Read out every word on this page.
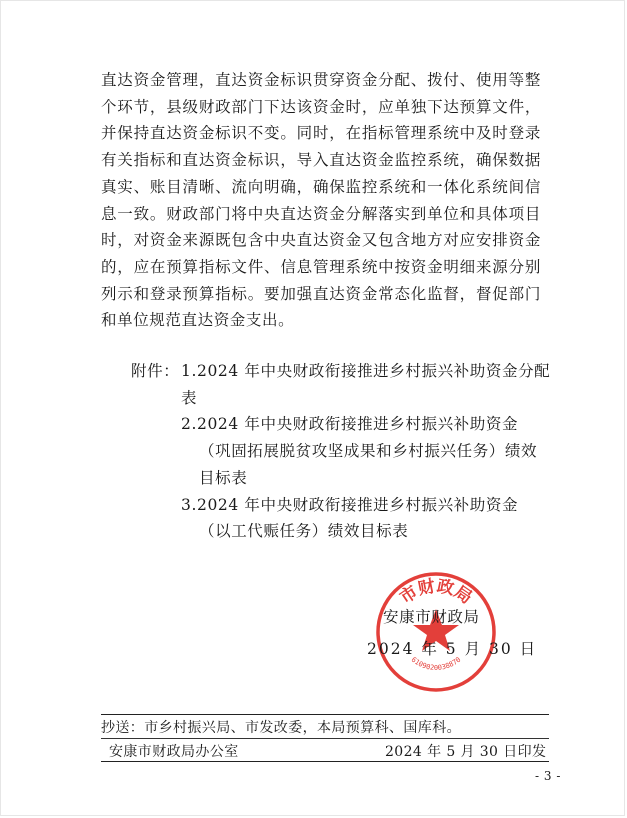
直达资金管理，直达资金标识贯穿资金分配、拨付、使用等整个环节，县级财政部门下达该资金时，应单独下达预算文件，并保持直达资金标识不变。同时，在指标管理系统中及时登录有关指标和直达资金标识，导入直达资金监控系统，确保数据真实、账目清晰、流向明确，确保监控系统和一体化系统间信息一致。财政部门将中央直达资金分解落实到单位和具体项目时，对资金来源既包含中央直达资金又包含地方对应安排资金的，应在预算指标文件、信息管理系统中按资金明细来源分别列示和登录预算指标。要加强直达资金常态化监督，督促部门和单位规范直达资金支出。

附件： 1.2024 年中央财政衔接推进乡村振兴补助资金分配表
2.2024 年中央财政衔接推进乡村振兴补助资金
（巩固拓展脱贫攻坚成果和乡村振兴任务）绩效
目标表
3.2024 年中央财政衔接推进乡村振兴补助资金
（以工代赈任务）绩效目标表
市财政局
6109020038870
安康市财政局
2024 年 5 月 30 日
抄送：市乡村振兴局、市发改委，本局预算科、国库科。
安康市财政局办公室	2024 年 5 月 30 日印发
- 3 -
